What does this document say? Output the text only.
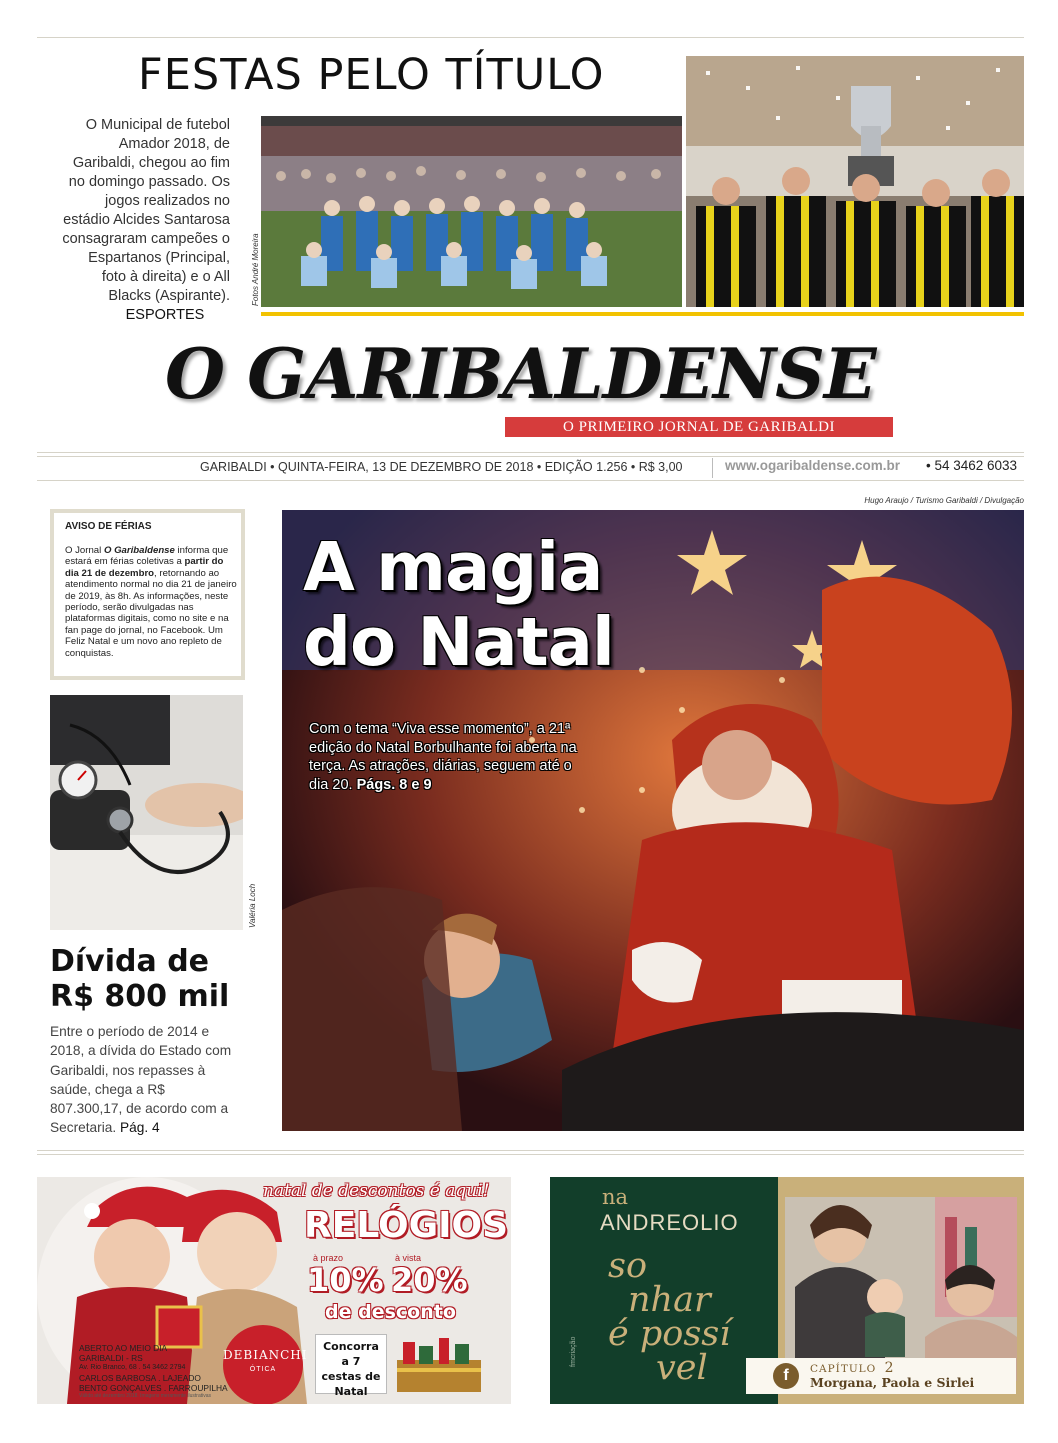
FESTAS PELO TÍTULO
O Municipal de futebol Amador 2018, de Garibaldi, chegou ao fim no domingo passado. Os jogos realizados no estádio Alcides Santarosa consagraram campeões o Espartanos (Principal, foto à direita) e o All Blacks (Aspirante).
ESPORTES
Fotos André Moreira
O GARIBALDENSE
O PRIMEIRO JORNAL DE GARIBALDI
GARIBALDI • QUINTA-FEIRA, 13 DE DEZEMBRO DE 2018 • EDIÇÃO 1.256 • R$ 3,00	www.ogaribaldense.com.br • 54 3462 6033
AVISO DE FÉRIAS
O Jornal O Garibaldense informa que estará em férias coletivas a partir do dia 21 de dezembro, retornando ao atendimento normal no dia 21 de janeiro de 2019, às 8h. As informações, neste período, serão divulgadas nas plataformas digitais, como no site e na fan page do jornal, no Facebook. Um Feliz Natal e um novo ano repleto de conquistas.
Valéria Loch
Dívida de
R$ 800 mil
Entre o período de 2014 e 2018, a dívida do Estado com Garibaldi, nos repasses à saúde, chega a R$ 807.300,17, de acordo com a Secretaria. Pág. 4
Hugo Araujo / Turismo Garibaldi / Divulgação
A magia
do Natal
Com o tema “Viva esse momento”, a 21ª edição do Natal Borbulhante foi aberta na terça. As atrações, diárias, seguem até o dia 20. Págs. 8 e 9
natal de descontos é aqui!
RELÓGIOS
à prazo	à vista
10% 20%
de desconto
Concorra a 7 cestas de Natal
DEBIANCHI
ÓTICA
ABERTO AO MEIO DIA
GARIBALDI - RS
Av. Rio Branco, 68 . 54 3462 2794
CARLOS BARBOSA . LAJEADO
BENTO GONÇALVES . FARROUPILHA
Válido até dezembro 2018. Imagens meramente ilustrativas
na
ANDREOLIO
so
nhar
é possí
vel
fmcriação
f	CAPÍTULO 2
Morgana, Paola e Sirlei
